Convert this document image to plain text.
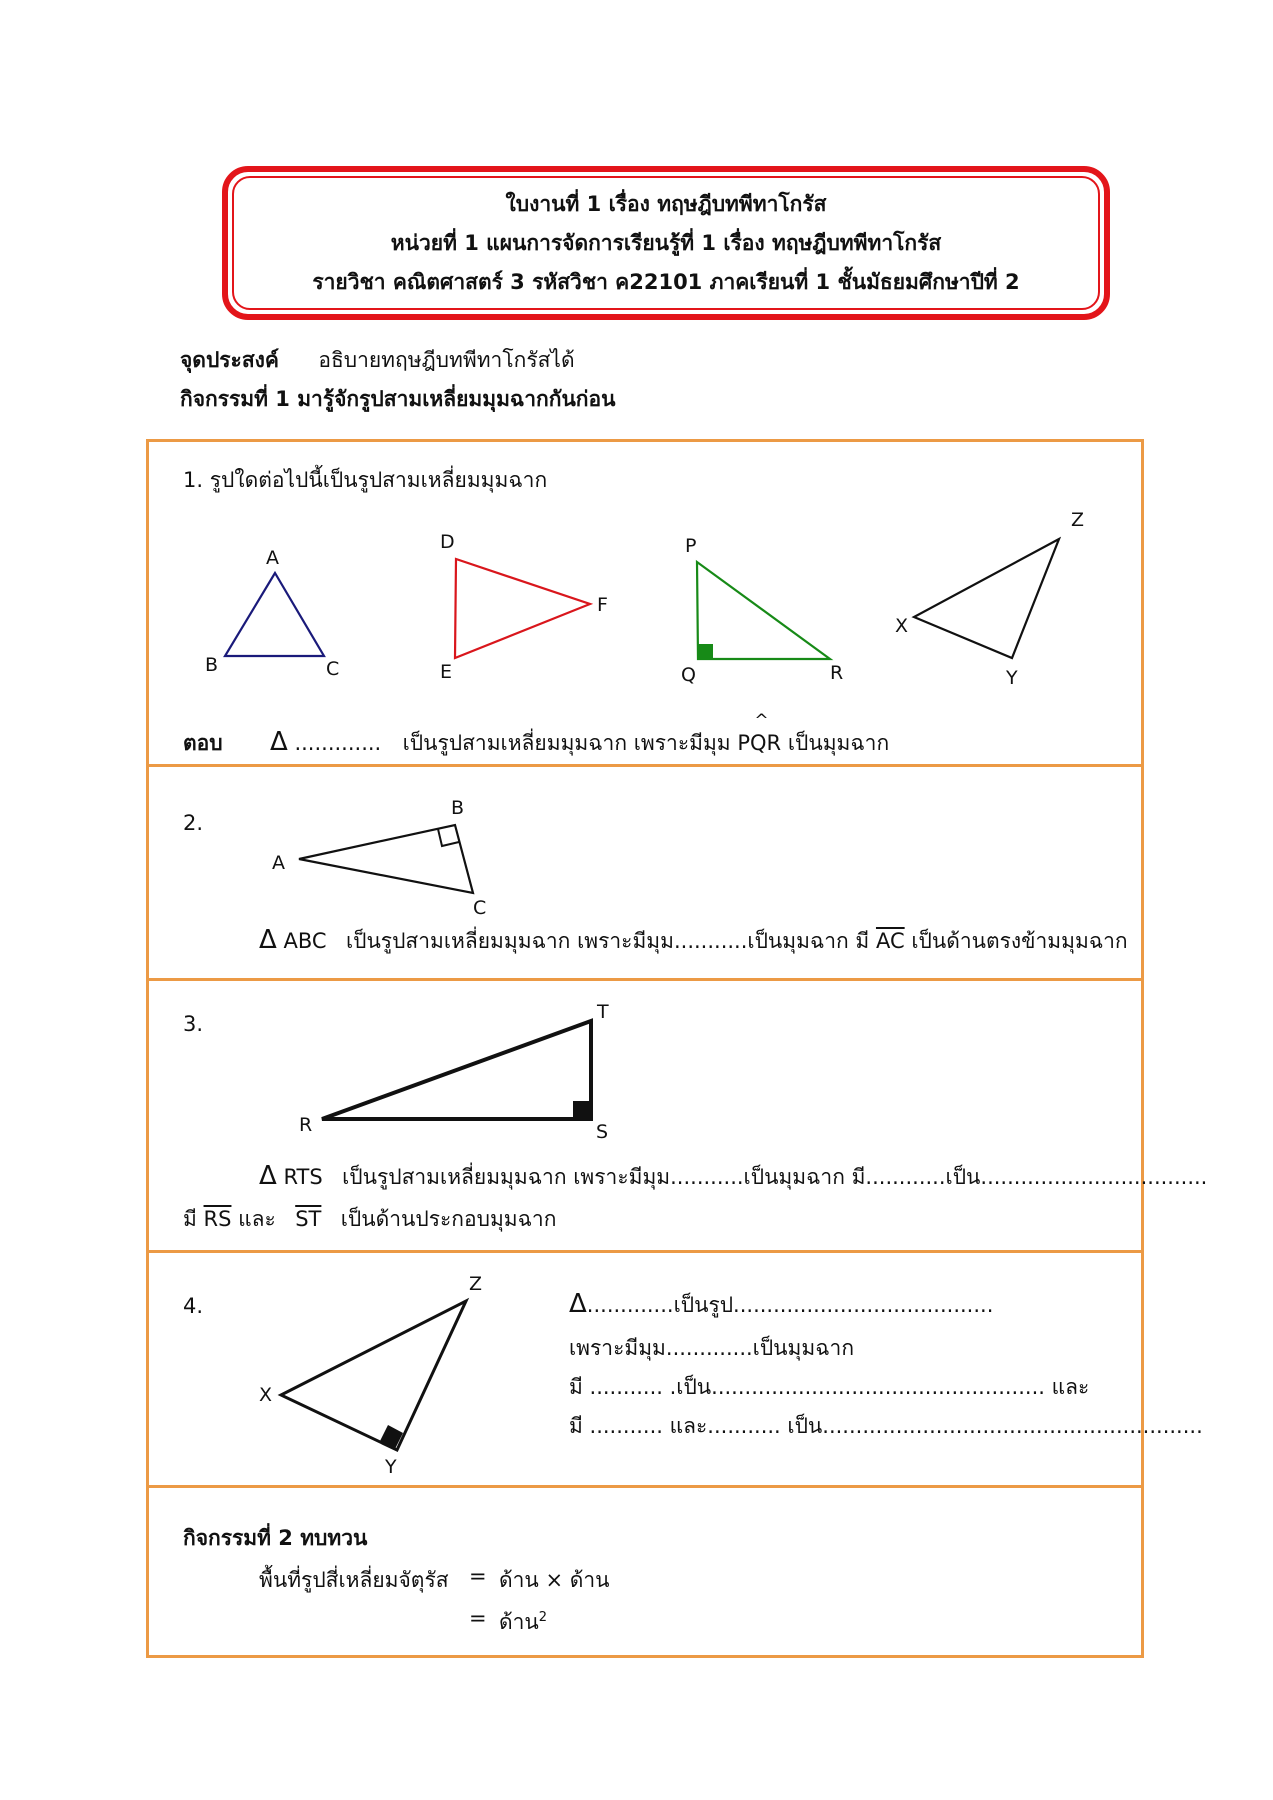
ใบงานที่ 1 เรื่อง ทฤษฎีบทพีทาโกรัส
หน่วยที่ 1 แผนการจัดการเรียนรู้ที่ 1 เรื่อง ทฤษฎีบทพีทาโกรัส
รายวิชา คณิตศาสตร์ 3 รหัสวิชา ค22101 ภาคเรียนที่ 1 ชั้นมัธยมศึกษาปีที่ 2
จุดประสงค์ อธิบายทฤษฎีบทพีทาโกรัสได้
กิจกรรมที่ 1 มารู้จักรูปสามเหลี่ยมมุมฉากกันก่อน
1. รูปใดต่อไปนี้เป็นรูปสามเหลี่ยมมุมฉาก
A
B	C
D
E
F
P
Q	R
X
Y
Z
ตอบ Δ ............. เป็นรูปสามเหลี่ยมมุมฉาก เพราะมีมุม PQR
^
เป็นมุมฉาก
2.
A
B
C
Δ ABC เป็นรูปสามเหลี่ยมมุมฉาก เพราะมีมุม...........เป็นมุมฉาก มี $\overline{AC}$ เป็นด้านตรงข้ามมุมฉาก
3.
R	S
T
Δ RTS เป็นรูปสามเหลี่ยมมุมฉาก เพราะมีมุม...........เป็นมุมฉาก มี............เป็น..................................
มี $\overline{RS}$ และ $\overline{ST}$ เป็นด้านประกอบมุมฉาก
4.
X
Y
Z
Δ.............เป็นรูป.......................................
เพราะมีมุม.............เป็นมุมฉาก
มี ........... .เป็น.................................................. และ
มี ........... และ........... เป็น.........................................................
กิจกรรมที่ 2 ทบทวน
พื้นที่รูปสี่เหลี่ยมจัตุรัส = ด้าน × ด้าน
= ด้าน$^2$
